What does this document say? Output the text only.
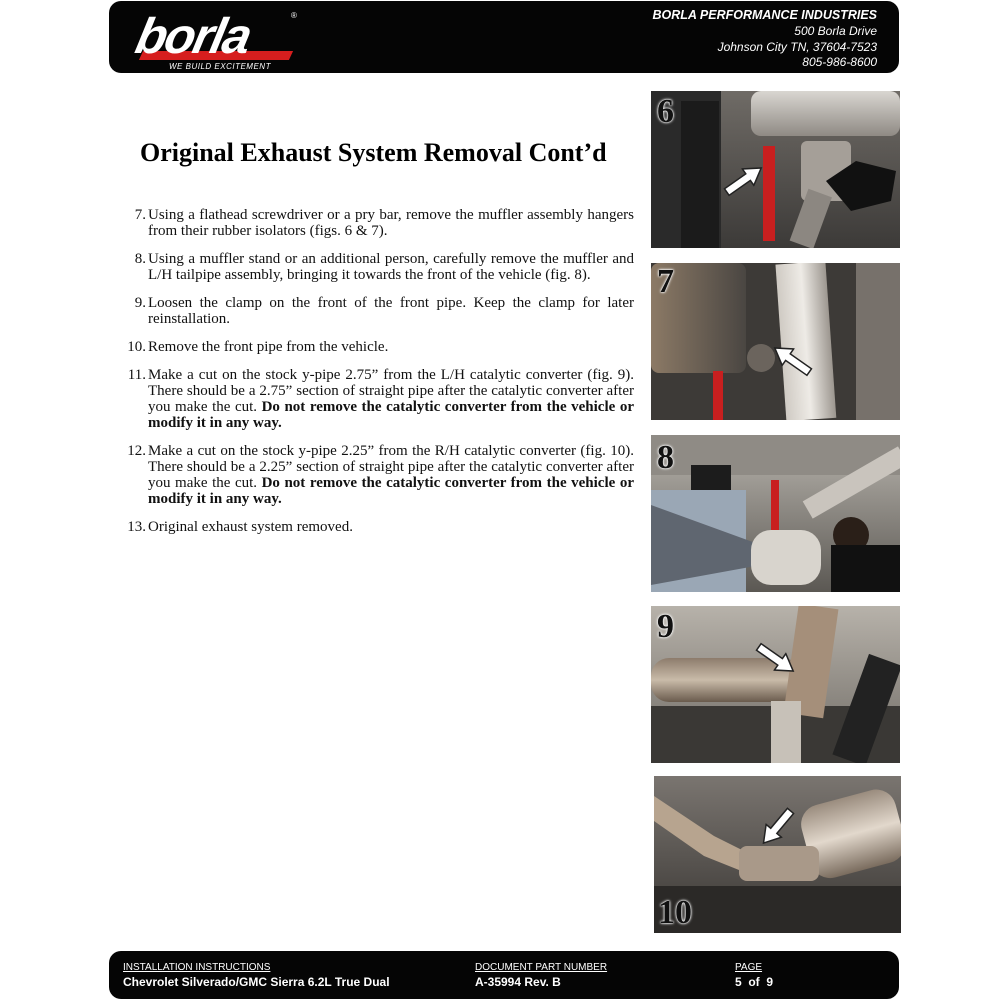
borla	®
WE BUILD EXCITEMENT
BORLA PERFORMANCE INDUSTRIES
500 Borla Drive
Johnson City TN, 37604-7523
805-986-8600
Original Exhaust System Removal Cont’d
7. Using a flathead screwdriver or a pry bar, remove the muffler assembly hangers from their rubber isolators (figs. 6 & 7).
8. Using a muffler stand or an additional person, carefully remove the muffler and L/H tailpipe assembly, bringing it towards the front of the vehicle (fig. 8).
9. Loosen the clamp on the front of the front pipe. Keep the clamp for later reinstallation.
10. Remove the front pipe from the vehicle.
11. Make a cut on the stock y-pipe 2.75” from the L/H catalytic converter (fig. 9). There should be a 2.75” section of straight pipe after the catalytic converter after you make the cut. Do not remove the catalytic converter from the vehicle or modify it in any way.
12. Make a cut on the stock y-pipe 2.25” from the R/H catalytic converter (fig. 10). There should be a 2.25” section of straight pipe after the catalytic converter after you make the cut. Do not remove the catalytic converter from the vehicle or modify it in any way.
13. Original exhaust system removed.
6
7
8
9
10
INSTALLATION INSTRUCTIONS
Chevrolet Silverado/GMC Sierra 6.2L True Dual
DOCUMENT PART NUMBER
A-35994 Rev. B
PAGE
5  of  9
